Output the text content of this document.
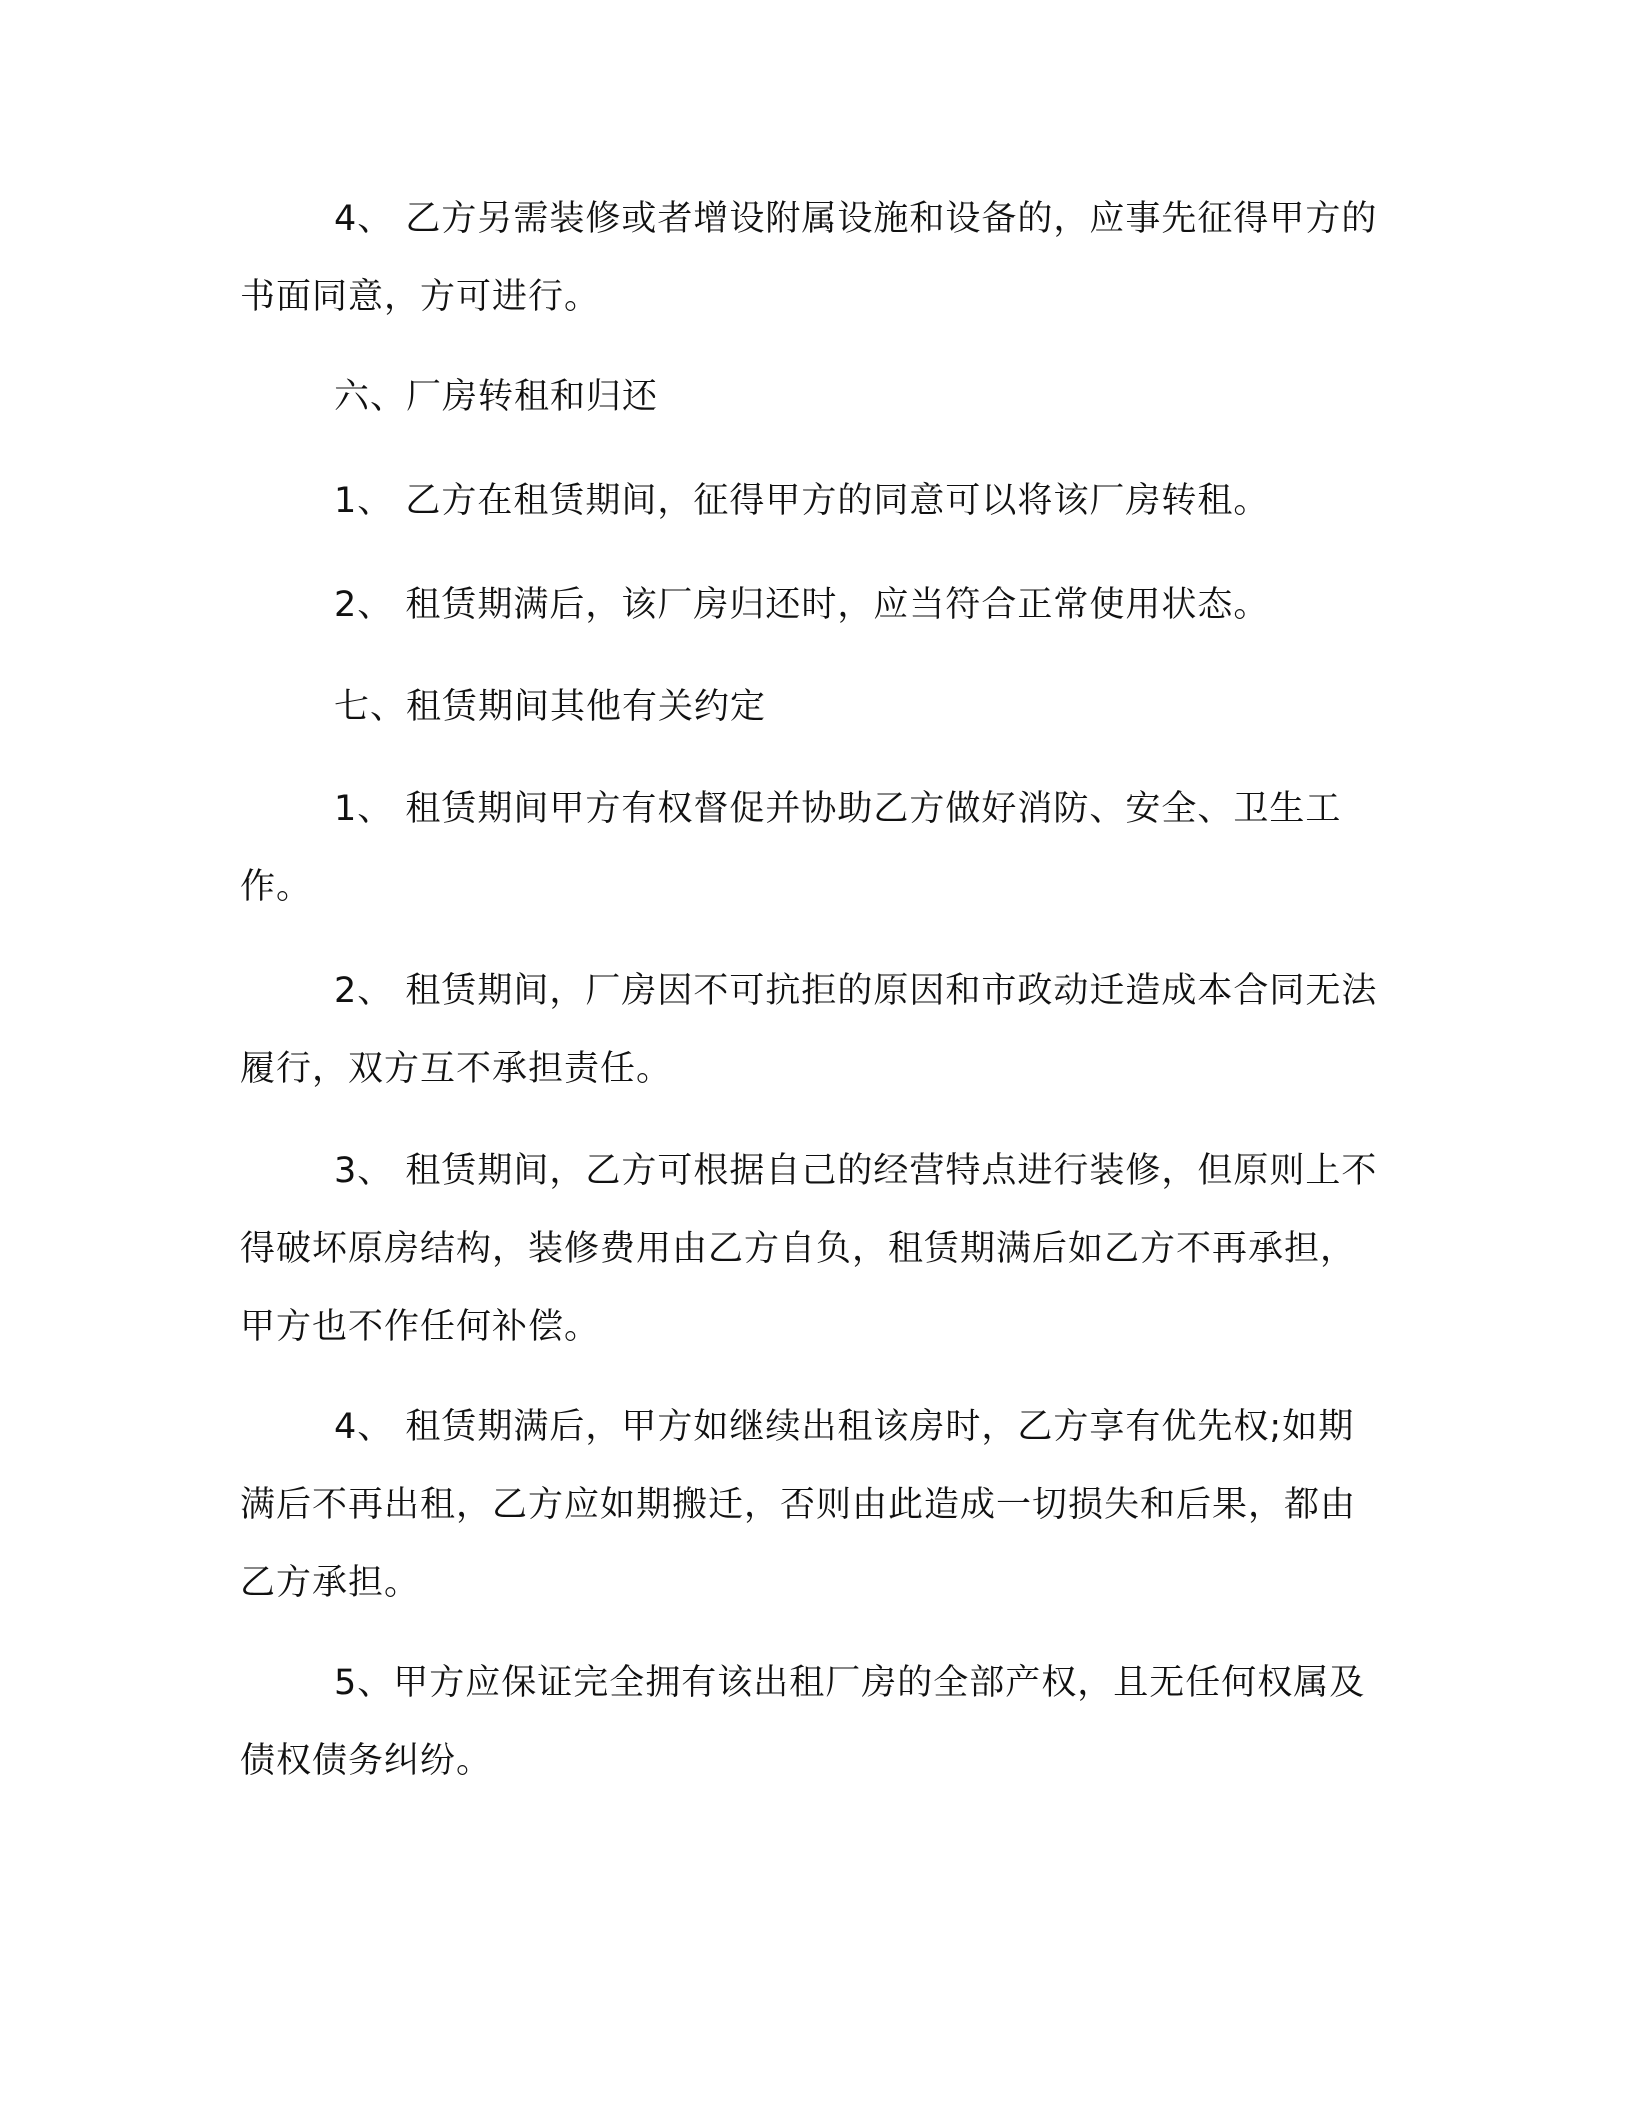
4、 乙方另需装修或者增设附属设施和设备的，应事先征得甲方的书面同意，方可进行。

六、厂房转租和归还

1、 乙方在租赁期间，征得甲方的同意可以将该厂房转租。

2、 租赁期满后，该厂房归还时，应当符合正常使用状态。

七、租赁期间其他有关约定

1、 租赁期间甲方有权督促并协助乙方做好消防、安全、卫生工作。

2、 租赁期间，厂房因不可抗拒的原因和市政动迁造成本合同无法履行，双方互不承担责任。

3、 租赁期间，乙方可根据自己的经营特点进行装修，但原则上不得破坏原房结构，装修费用由乙方自负，租赁期满后如乙方不再承担，甲方也不作任何补偿。

4、 租赁期满后，甲方如继续出租该房时，乙方享有优先权;如期满后不再出租，乙方应如期搬迁，否则由此造成一切损失和后果，都由乙方承担。

5、甲方应保证完全拥有该出租厂房的全部产权，且无任何权属及债权债务纠纷。
